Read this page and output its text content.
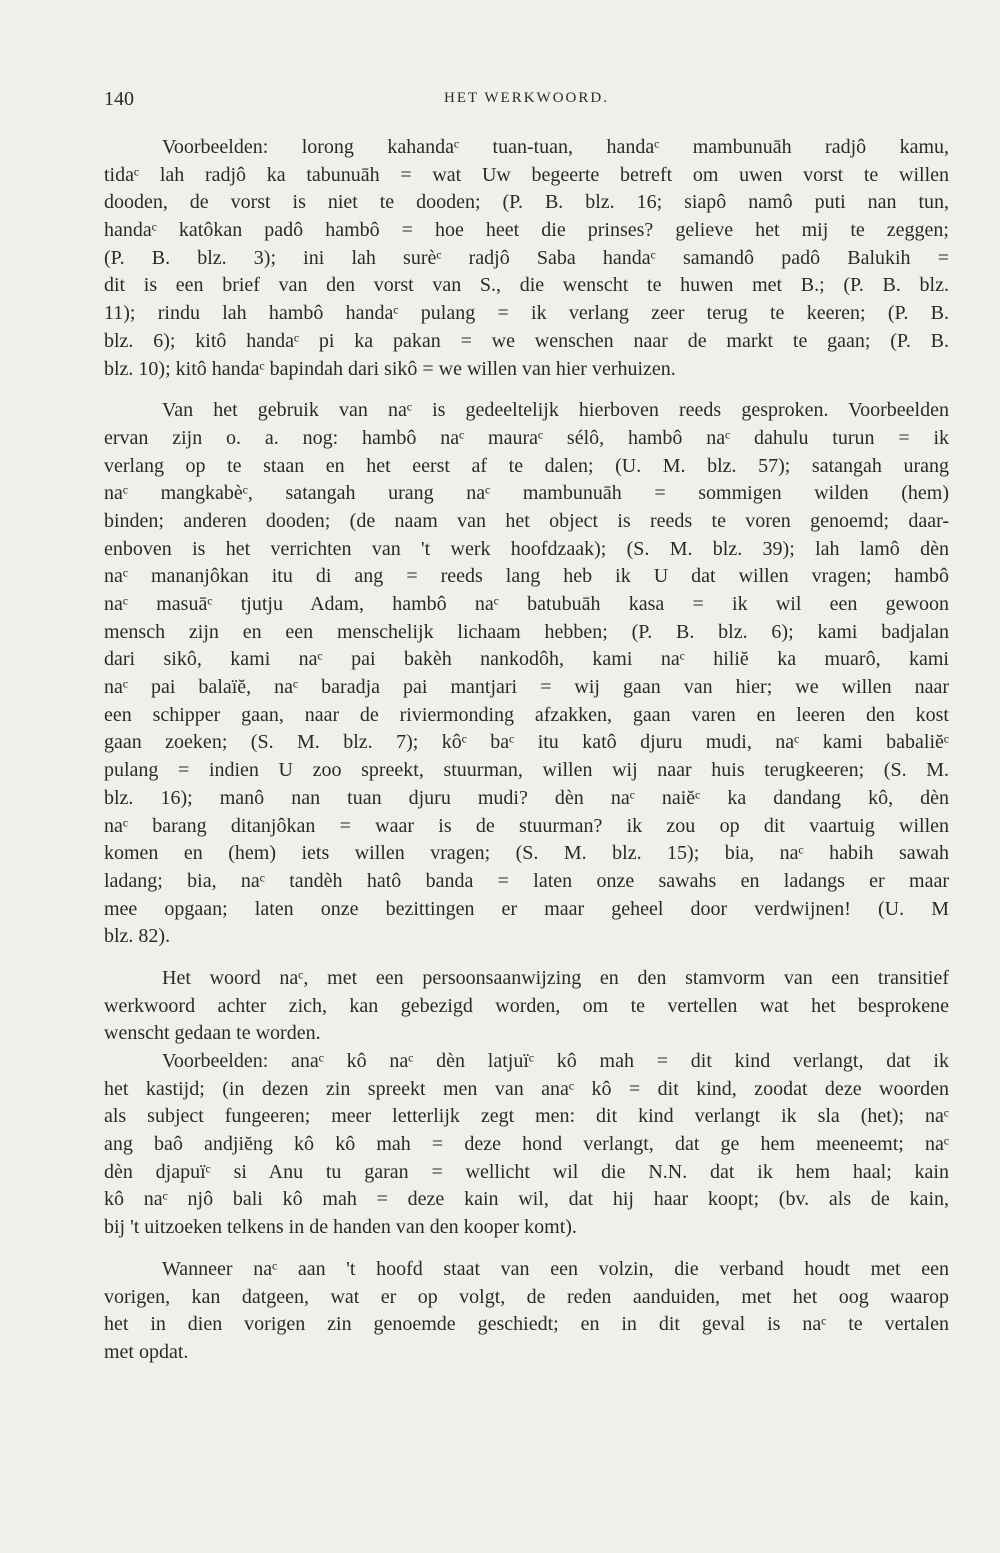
140	HET WERKWOORD.
Voorbeelden: lorong kahandaᶜ tuan-tuan, handaᶜ mambunuāh radjô kamu,
tidaᶜ lah radjô ka tabunuāh = wat Uw begeerte betreft om uwen vorst te willen
dooden, de vorst is niet te dooden; (P. B. blz. 16; siapô namô puti nan tun,
handaᶜ katôkan padô hambô = hoe heet die prinses? gelieve het mij te zeggen;
(P. B. blz. 3); ini lah surèᶜ radjô Saba handaᶜ samandô padô Balukih =
dit is een brief van den vorst van S., die wenscht te huwen met B.; (P. B. blz.
11); rindu lah hambô handaᶜ pulang = ik verlang zeer terug te keeren; (P. B.
blz. 6); kitô handaᶜ pi ka pakan = we wenschen naar de markt te gaan; (P. B.
blz. 10); kitô handaᶜ bapindah dari sikô = we willen van hier verhuizen.
Van het gebruik van naᶜ is gedeeltelijk hierboven reeds gesproken. Voorbeelden
ervan zijn o. a. nog: hambô naᶜ mauraᶜ sélô, hambô naᶜ dahulu turun = ik
verlang op te staan en het eerst af te dalen; (U. M. blz. 57); satangah urang
naᶜ mangkabèᶜ, satangah urang naᶜ mambunuāh = sommigen wilden (hem)
binden; anderen dooden; (de naam van het object is reeds te voren genoemd; daar-
enboven is het verrichten van 't werk hoofdzaak); (S. M. blz. 39); lah lamô dèn
naᶜ mananjôkan itu di ang = reeds lang heb ik U dat willen vragen; hambô
naᶜ masuāᶜ tjutju Adam, hambô naᶜ batubuāh kasa = ik wil een gewoon
mensch zijn en een menschelijk lichaam hebben; (P. B. blz. 6); kami badjalan
dari sikô, kami naᶜ pai bakèh nankodôh, kami naᶜ hiliĕ ka muarô, kami
naᶜ pai balaïĕ, naᶜ baradja pai mantjari = wij gaan van hier; we willen naar
een schipper gaan, naar de riviermonding afzakken, gaan varen en leeren den kost
gaan zoeken; (S. M. blz. 7); kôᶜ baᶜ itu katô djuru mudi, naᶜ kami babaliĕᶜ
pulang = indien U zoo spreekt, stuurman, willen wij naar huis terugkeeren; (S. M.
blz. 16); manô nan tuan djuru mudi? dèn naᶜ naiĕᶜ ka dandang kô, dèn
naᶜ barang ditanjôkan = waar is de stuurman? ik zou op dit vaartuig willen
komen en (hem) iets willen vragen; (S. M. blz. 15); bia, naᶜ habih sawah
ladang; bia, naᶜ tandèh hatô banda = laten onze sawahs en ladangs er maar
mee opgaan; laten onze bezittingen er maar geheel door verdwijnen! (U. M
blz. 82).
Het woord naᶜ, met een persoonsaanwijzing en den stamvorm van een transitief
werkwoord achter zich, kan gebezigd worden, om te vertellen wat het besprokene
wenscht gedaan te worden.
Voorbeelden: anaᶜ kô naᶜ dèn latjuïᶜ kô mah = dit kind verlangt, dat ik
het kastijd; (in dezen zin spreekt men van anaᶜ kô = dit kind, zoodat deze woorden
als subject fungeeren; meer letterlijk zegt men: dit kind verlangt ik sla (het); naᶜ
ang baô andjiĕng kô kô mah = deze hond verlangt, dat ge hem meeneemt; naᶜ
dèn djapuïᶜ si Anu tu garan = wellicht wil die N.N. dat ik hem haal; kain
kô naᶜ njô bali kô mah = deze kain wil, dat hij haar koopt; (bv. als de kain,
bij 't uitzoeken telkens in de handen van den kooper komt).
Wanneer naᶜ aan 't hoofd staat van een volzin, die verband houdt met een
vorigen, kan datgeen, wat er op volgt, de reden aanduiden, met het oog waarop
het in dien vorigen zin genoemde geschiedt; en in dit geval is naᶜ te vertalen
met opdat.
